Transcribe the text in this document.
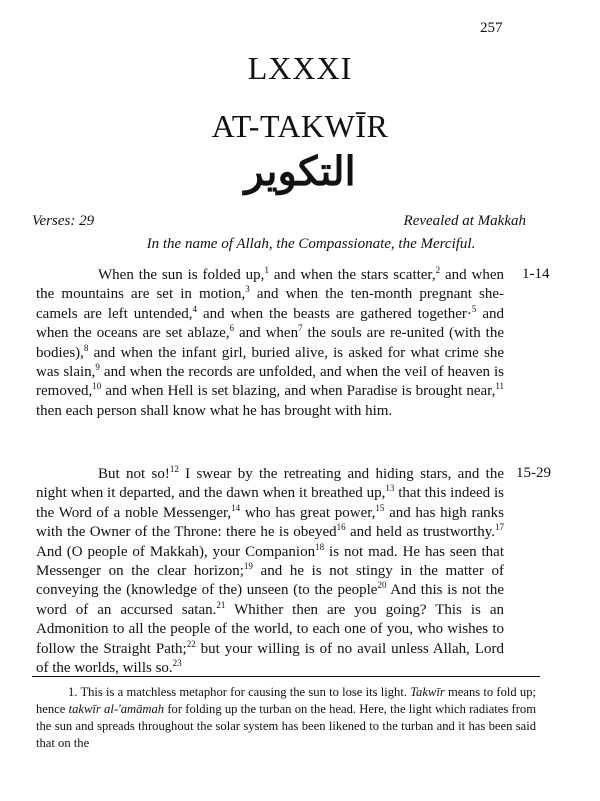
257
LXXXI
AT-TAKWĪR
التكوير
Verses: 29	Revealed at Makkah
In the name of Allah, the Compassionate, the Merciful.
When the sun is folded up,$^1$ and when the stars scatter,$^2$ and when the mountains are set in motion,$^3$ and when the ten-month pregnant she-camels are left untended,$^4$ and when the beasts are gathered together·$^5$ and when the oceans are set ablaze,$^6$ and when$^7$ the souls are re-united (with the bodies),$^8$ and when the infant girl, buried alive, is asked for what crime she was slain,$^9$ and when the records are unfolded, and when the veil of heaven is removed,$^{10}$ and when Hell is set blazing, and when Paradise is brought near,$^{11}$ then each person shall know what he has brought with him.
1-14
But not so!$^{12}$ I swear by the retreating and hiding stars, and the night when it departed, and the dawn when it breathed up,$^{13}$ that this indeed is the Word of a noble Messenger,$^{14}$ who has great power,$^{15}$ and has high ranks with the Owner of the Throne: there he is obeyed$^{16}$ and held as trustworthy.$^{17}$ And (O people of Makkah), your Companion$^{18}$ is not mad. He has seen that Messenger on the clear horizon;$^{19}$ and he is not stingy in the matter of conveying the (knowledge of the) unseen (to the people$^{20}$ And this is not the word of an accursed satan.$^{21}$ Whither then are you going? This is an Admonition to all the people of the world, to each one of you, who wishes to follow the Straight Path;$^{22}$ but your willing is of no avail unless Allah, Lord of the worlds, wills so.$^{23}$
15-29
1. This is a matchless metaphor for causing the sun to lose its light. Takwīr means to fold up; hence takwīr al-'amāmah for folding up the turban on the head. Here, the light which radiates from the sun and spreads throughout the solar system has been likened to the turban and it has been said that on the
